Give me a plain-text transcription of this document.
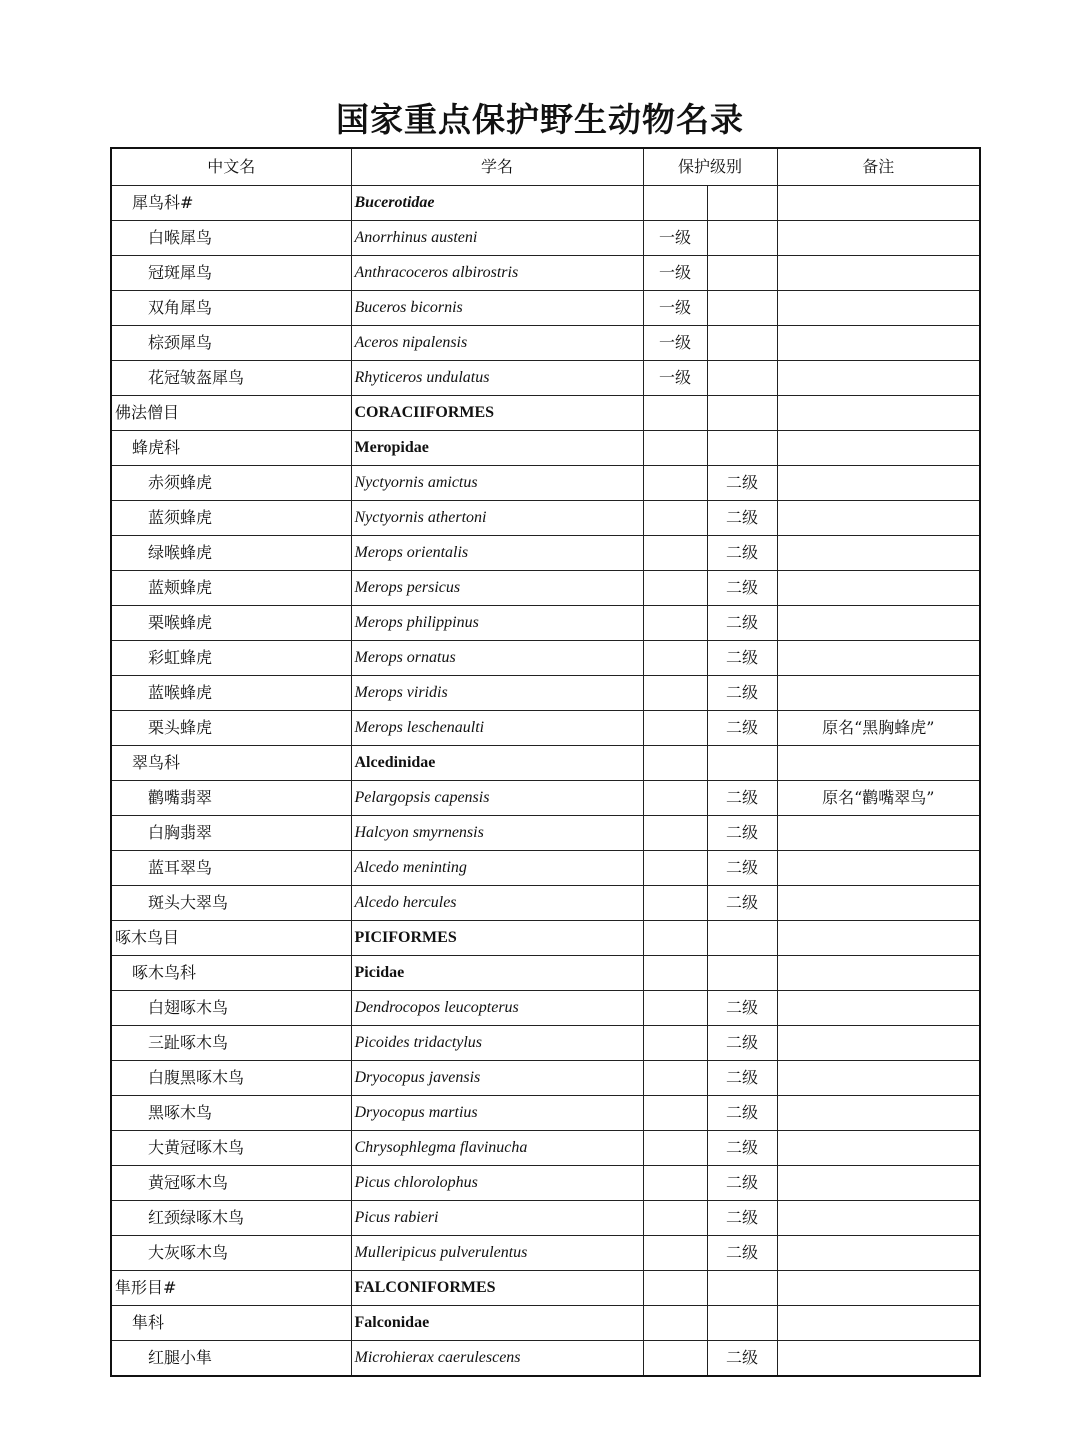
国家重点保护野生动物名录
中文名	学名	保护级别		备注
犀鸟科#	Bucerotidae			
白喉犀鸟	Anorrhinus austeni	一级		
冠斑犀鸟	Anthracoceros albirostris	一级		
双角犀鸟	Buceros bicornis	一级		
棕颈犀鸟	Aceros nipalensis	一级		
花冠皱盔犀鸟	Rhyticeros undulatus	一级		
佛法僧目	CORACIIFORMES			
蜂虎科	Meropidae			
赤须蜂虎	Nyctyornis amictus		二级	
蓝须蜂虎	Nyctyornis athertoni		二级	
绿喉蜂虎	Merops orientalis		二级	
蓝颊蜂虎	Merops persicus		二级	
栗喉蜂虎	Merops philippinus		二级	
彩虹蜂虎	Merops ornatus		二级	
蓝喉蜂虎	Merops viridis		二级	
栗头蜂虎	Merops leschenaulti		二级	原名“黑胸蜂虎”
翠鸟科	Alcedinidae			
鹳嘴翡翠	Pelargopsis capensis		二级	原名“鹳嘴翠鸟”
白胸翡翠	Halcyon smyrnensis		二级	
蓝耳翠鸟	Alcedo meninting		二级	
斑头大翠鸟	Alcedo hercules		二级	
啄木鸟目	PICIFORMES			
啄木鸟科	Picidae			
白翅啄木鸟	Dendrocopos leucopterus		二级	
三趾啄木鸟	Picoides tridactylus		二级	
白腹黑啄木鸟	Dryocopus javensis		二级	
黑啄木鸟	Dryocopus martius		二级	
大黄冠啄木鸟	Chrysophlegma flavinucha		二级	
黄冠啄木鸟	Picus chlorolophus		二级	
红颈绿啄木鸟	Picus rabieri		二级	
大灰啄木鸟	Mulleripicus pulverulentus		二级	
隼形目#	FALCONIFORMES			
隼科	Falconidae			
红腿小隼	Microhierax caerulescens		二级	
